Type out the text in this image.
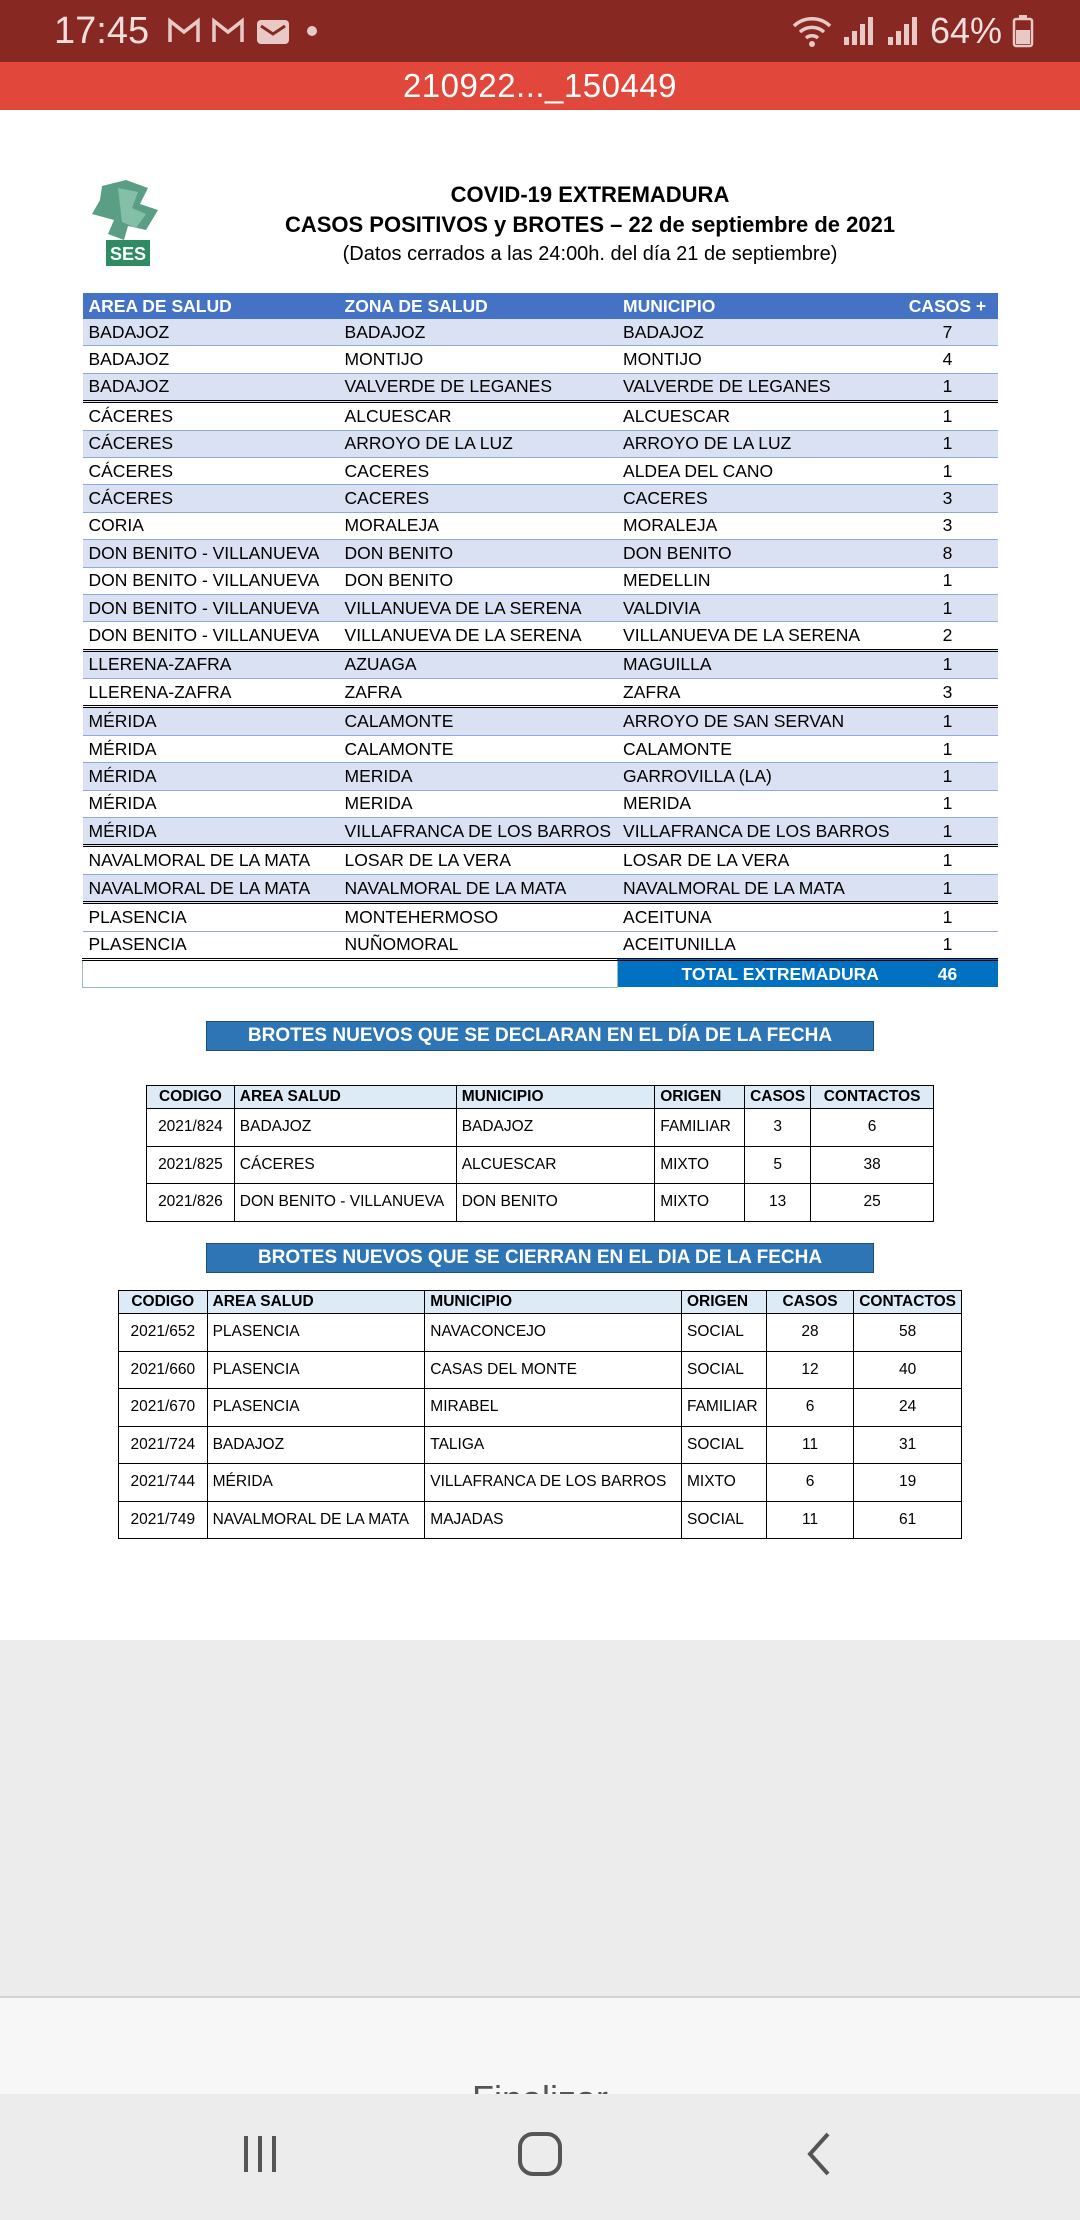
17:45	64%
210922..._150449
SES
COVID-19 EXTREMADURA
CASOS POSITIVOS y BROTES – 22 de septiembre de 2021
(Datos cerrados a las 24:00h. del día 21 de septiembre)
AREA DE SALUD	ZONA DE SALUD	MUNICIPIO	CASOS +
BADAJOZ	BADAJOZ	BADAJOZ	7
BADAJOZ	MONTIJO	MONTIJO	4
BADAJOZ	VALVERDE DE LEGANES	VALVERDE DE LEGANES	1
CÁCERES	ALCUESCAR	ALCUESCAR	1
CÁCERES	ARROYO DE LA LUZ	ARROYO DE LA LUZ	1
CÁCERES	CACERES	ALDEA DEL CANO	1
CÁCERES	CACERES	CACERES	3
CORIA	MORALEJA	MORALEJA	3
DON BENITO - VILLANUEVA	DON BENITO	DON BENITO	8
DON BENITO - VILLANUEVA	DON BENITO	MEDELLIN	1
DON BENITO - VILLANUEVA	VILLANUEVA DE LA SERENA	VALDIVIA	1
DON BENITO - VILLANUEVA	VILLANUEVA DE LA SERENA	VILLANUEVA DE LA SERENA	2
LLERENA-ZAFRA	AZUAGA	MAGUILLA	1
LLERENA-ZAFRA	ZAFRA	ZAFRA	3
MÉRIDA	CALAMONTE	ARROYO DE SAN SERVAN	1
MÉRIDA	CALAMONTE	CALAMONTE	1
MÉRIDA	MERIDA	GARROVILLA (LA)	1
MÉRIDA	MERIDA	MERIDA	1
MÉRIDA	VILLAFRANCA DE LOS BARROS	VILLAFRANCA DE LOS BARROS	1
NAVALMORAL DE LA MATA	LOSAR DE LA VERA	LOSAR DE LA VERA	1
NAVALMORAL DE LA MATA	NAVALMORAL DE LA MATA	NAVALMORAL DE LA MATA	1
PLASENCIA	MONTEHERMOSO	ACEITUNA	1
PLASENCIA	NUÑOMORAL	ACEITUNILLA	1
		TOTAL EXTREMADURA	46
BROTES NUEVOS QUE SE DECLARAN EN EL DÍA DE LA FECHA
CODIGO	AREA SALUD	MUNICIPIO	ORIGEN	CASOS	CONTACTOS
2021/824	BADAJOZ	BADAJOZ	FAMILIAR	3	6
2021/825	CÁCERES	ALCUESCAR	MIXTO	5	38
2021/826	DON BENITO - VILLANUEVA	DON BENITO	MIXTO	13	25
BROTES NUEVOS QUE SE CIERRAN EN EL DIA DE LA FECHA
CODIGO	AREA SALUD	MUNICIPIO	ORIGEN	CASOS	CONTACTOS
2021/652	PLASENCIA	NAVACONCEJO	SOCIAL	28	58
2021/660	PLASENCIA	CASAS DEL MONTE	SOCIAL	12	40
2021/670	PLASENCIA	MIRABEL	FAMILIAR	6	24
2021/724	BADAJOZ	TALIGA	SOCIAL	11	31
2021/744	MÉRIDA	VILLAFRANCA DE LOS BARROS	MIXTO	6	19
2021/749	NAVALMORAL DE LA MATA	MAJADAS	SOCIAL	11	61
